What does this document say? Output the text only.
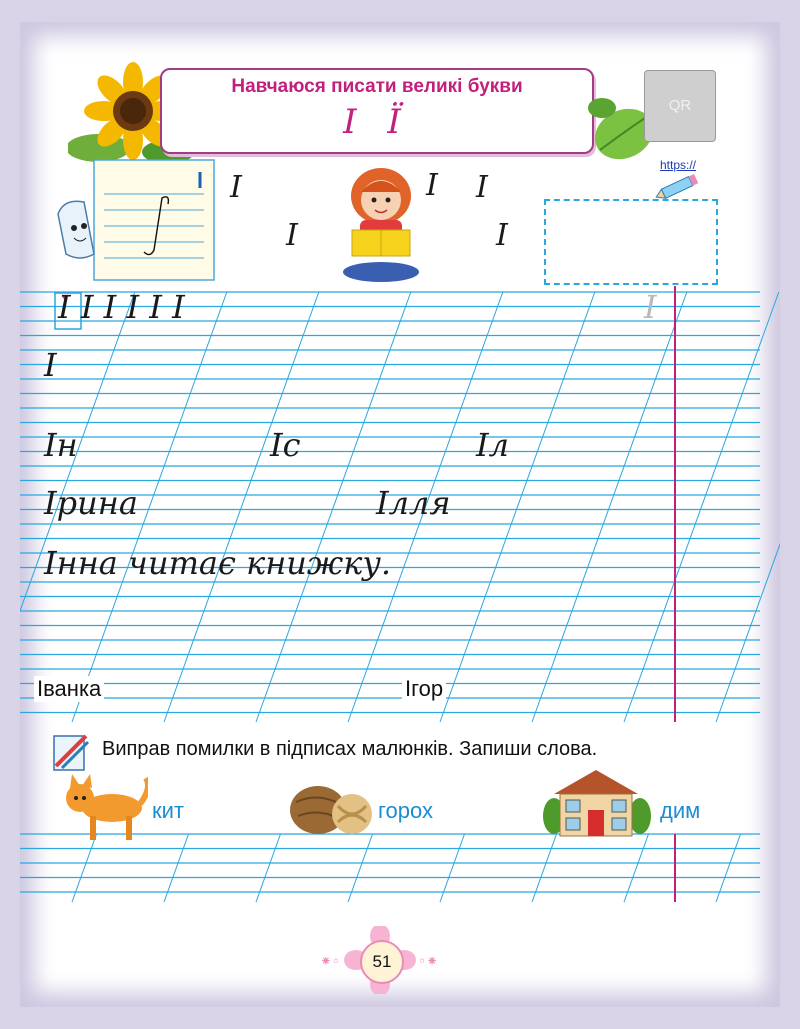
Навчаюся писати великі букви
І Ї	QR
https://
𝐼
𝐼
𝐼 𝐼
𝐼
І І І І І І	𝐼
І
Ін	Іс	Іл
Ірина	Ілля
Інна читає книжку.
Іванка	Ігор
Виправ помилки в підписах малюнків. Запиши слова.
кит	горох	дим
⁕◦	◦⁕
51
